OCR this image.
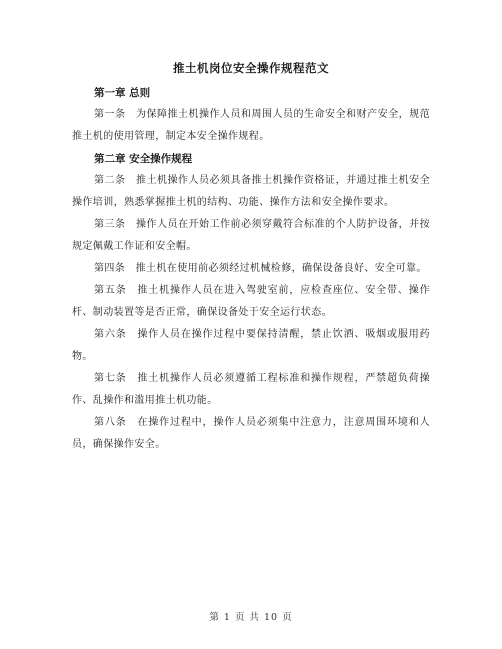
推土机岗位安全操作规程范文
第一章 总则

第一条　为保障推土机操作人员和周围人员的生命安全和财产安全，规范推土机的使用管理，制定本安全操作规程。

第二章 安全操作规程

第二条　推土机操作人员必须具备推土机操作资格证，并通过推土机安全操作培训，熟悉掌握推土机的结构、功能、操作方法和安全操作要求。

第三条　操作人员在开始工作前必须穿戴符合标准的个人防护设备，并按规定佩戴工作证和安全帽。

第四条　推土机在使用前必须经过机械检修，确保设备良好、安全可靠。

第五条　推土机操作人员在进入驾驶室前，应检查座位、安全带、操作杆、制动装置等是否正常，确保设备处于安全运行状态。

第六条　操作人员在操作过程中要保持清醒，禁止饮酒、吸烟或服用药物。

第七条　推土机操作人员必须遵循工程标准和操作规程，严禁超负荷操作、乱操作和滥用推土机功能。

第八条　在操作过程中，操作人员必须集中注意力，注意周围环境和人员，确保操作安全。

第 1 页 共 10 页
